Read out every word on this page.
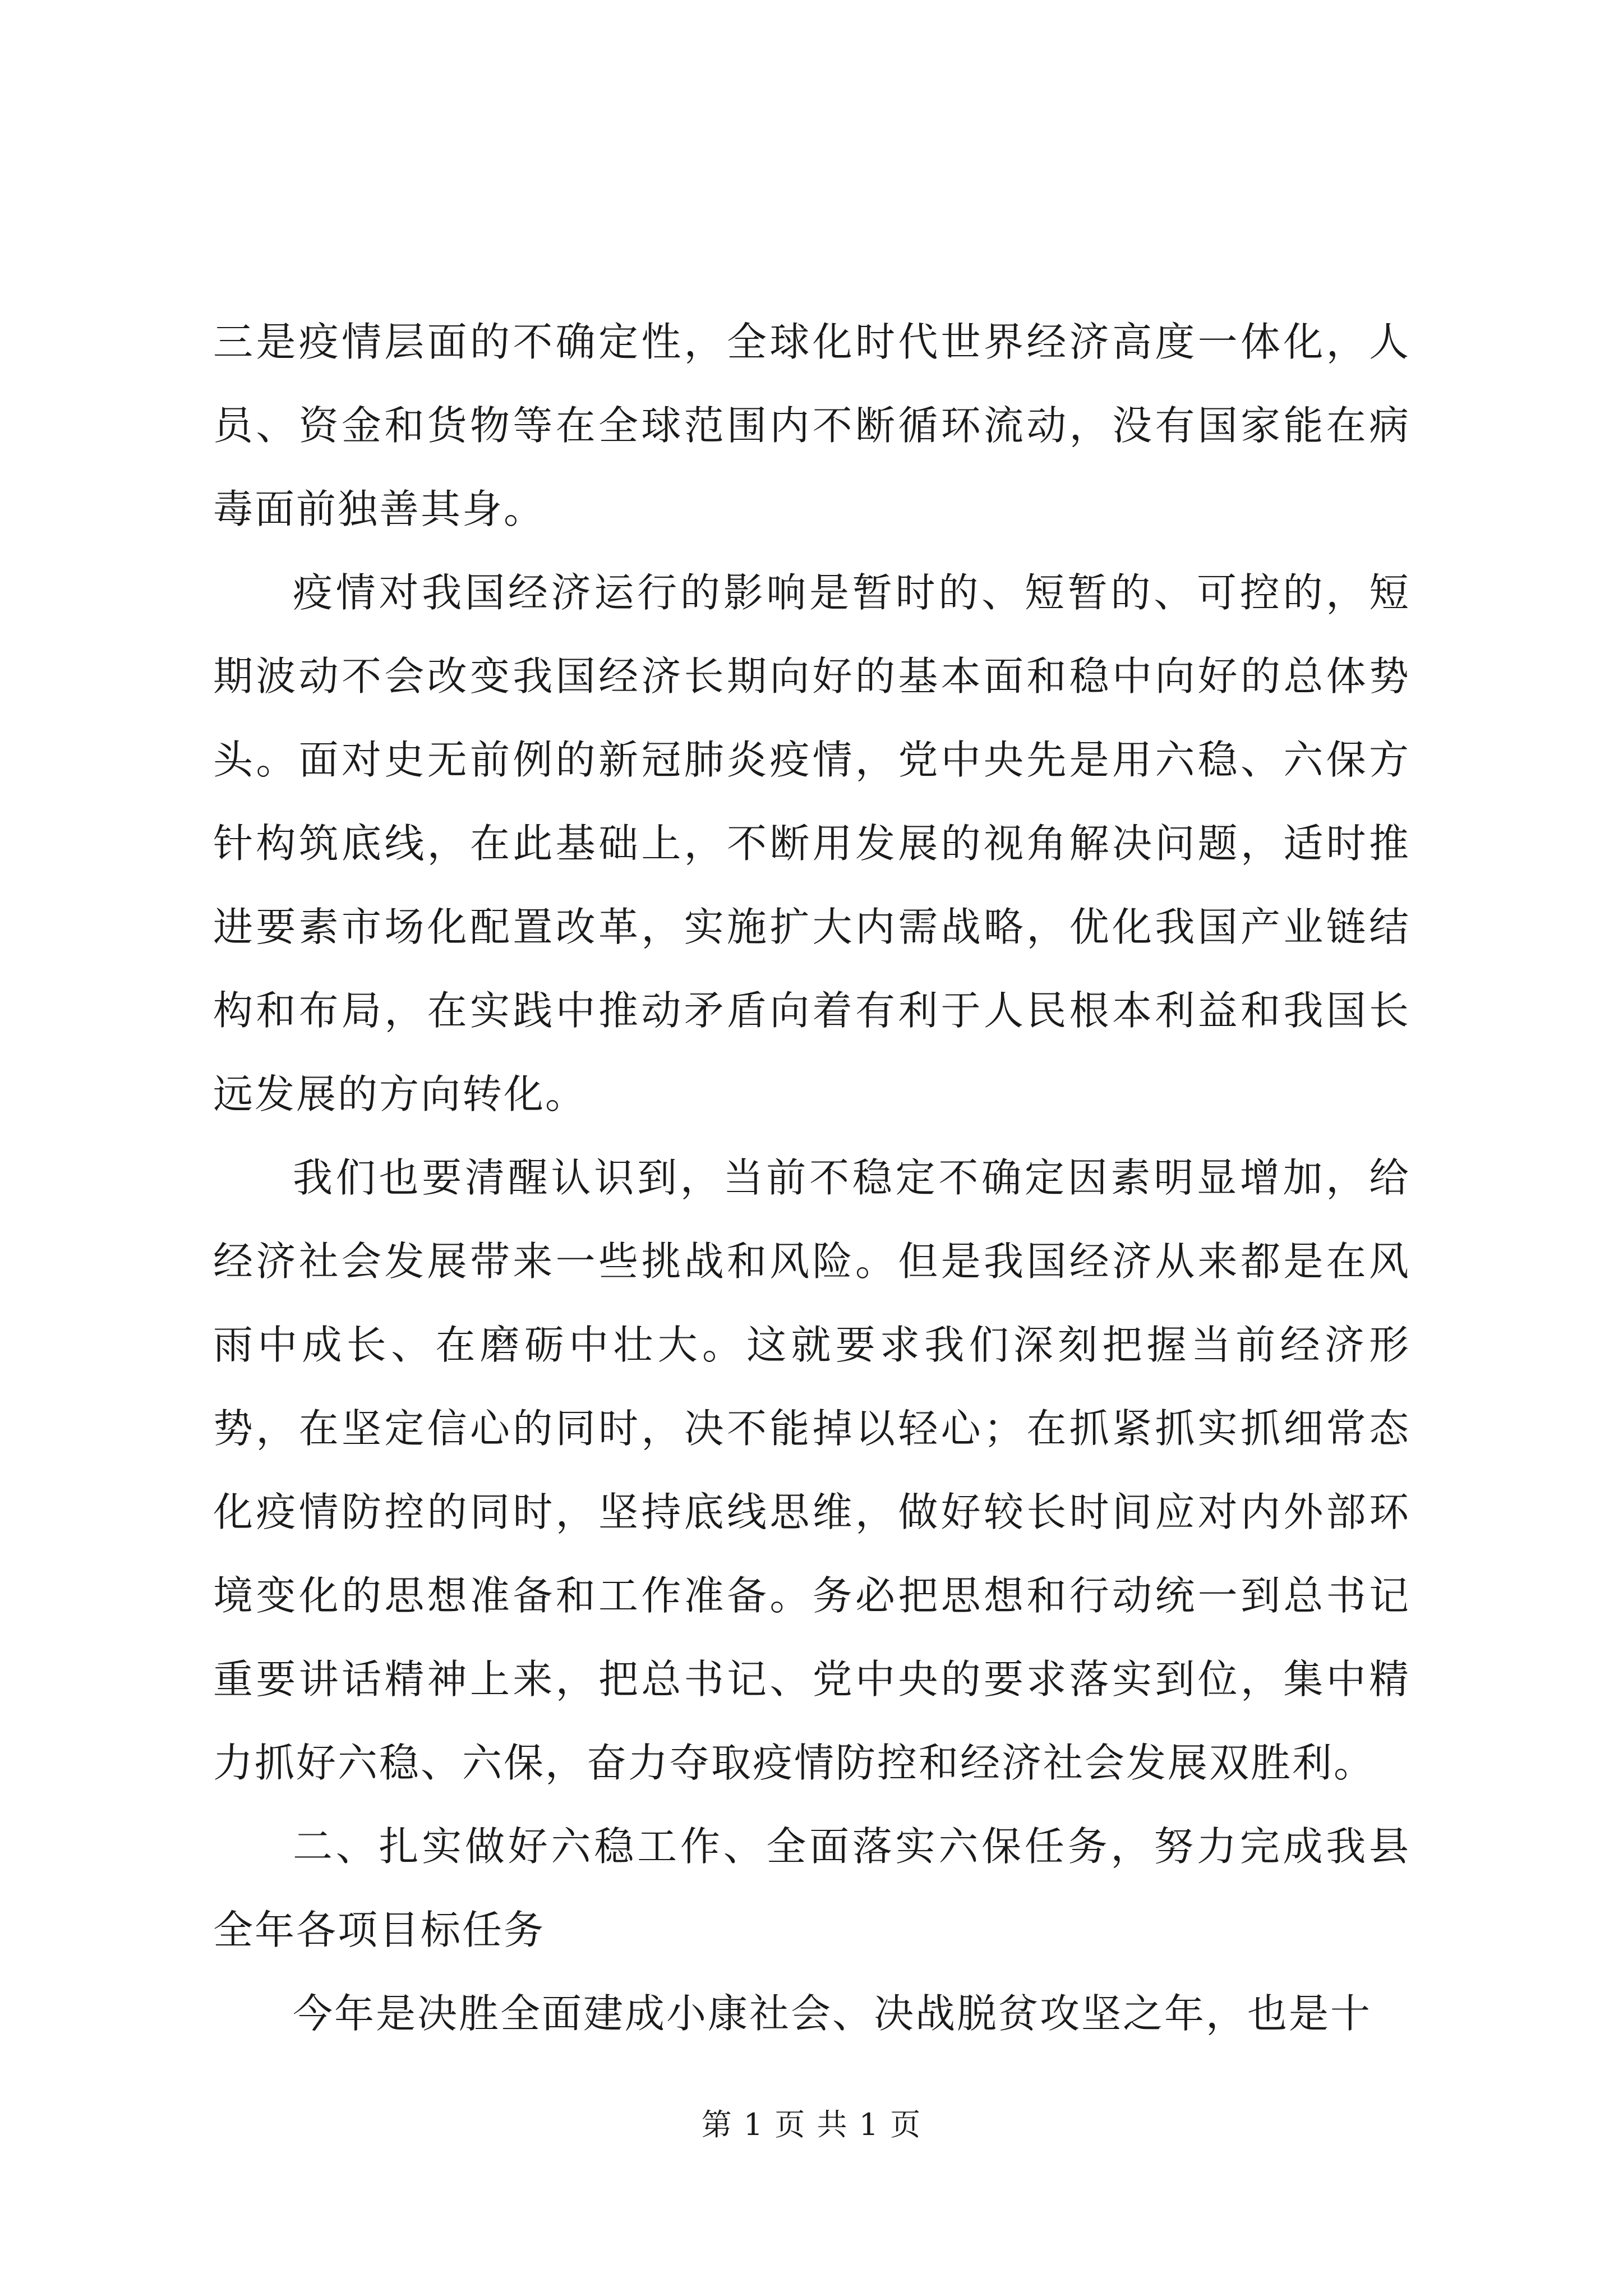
三是疫情层面的不确定性，全球化时代世界经济高度一体化，人员、资金和货物等在全球范围内不断循环流动，没有国家能在病毒面前独善其身。

疫情对我国经济运行的影响是暂时的、短暂的、可控的，短期波动不会改变我国经济长期向好的基本面和稳中向好的总体势头。面对史无前例的新冠肺炎疫情，党中央先是用六稳、六保方针构筑底线，在此基础上，不断用发展的视角解决问题，适时推进要素市场化配置改革，实施扩大内需战略，优化我国产业链结构和布局，在实践中推动矛盾向着有利于人民根本利益和我国长远发展的方向转化。

我们也要清醒认识到，当前不稳定不确定因素明显增加，给经济社会发展带来一些挑战和风险。但是我国经济从来都是在风雨中成长、在磨砺中壮大。这就要求我们深刻把握当前经济形势，在坚定信心的同时，决不能掉以轻心；在抓紧抓实抓细常态化疫情防控的同时，坚持底线思维，做好较长时间应对内外部环境变化的思想准备和工作准备。务必把思想和行动统一到总书记重要讲话精神上来，把总书记、党中央的要求落实到位，集中精力抓好六稳、六保，奋力夺取疫情防控和经济社会发展双胜利。

二、扎实做好六稳工作、全面落实六保任务，努力完成我县全年各项目标任务

今年是决胜全面建成小康社会、决战脱贫攻坚之年，也是十

第 1 页 共 1 页
